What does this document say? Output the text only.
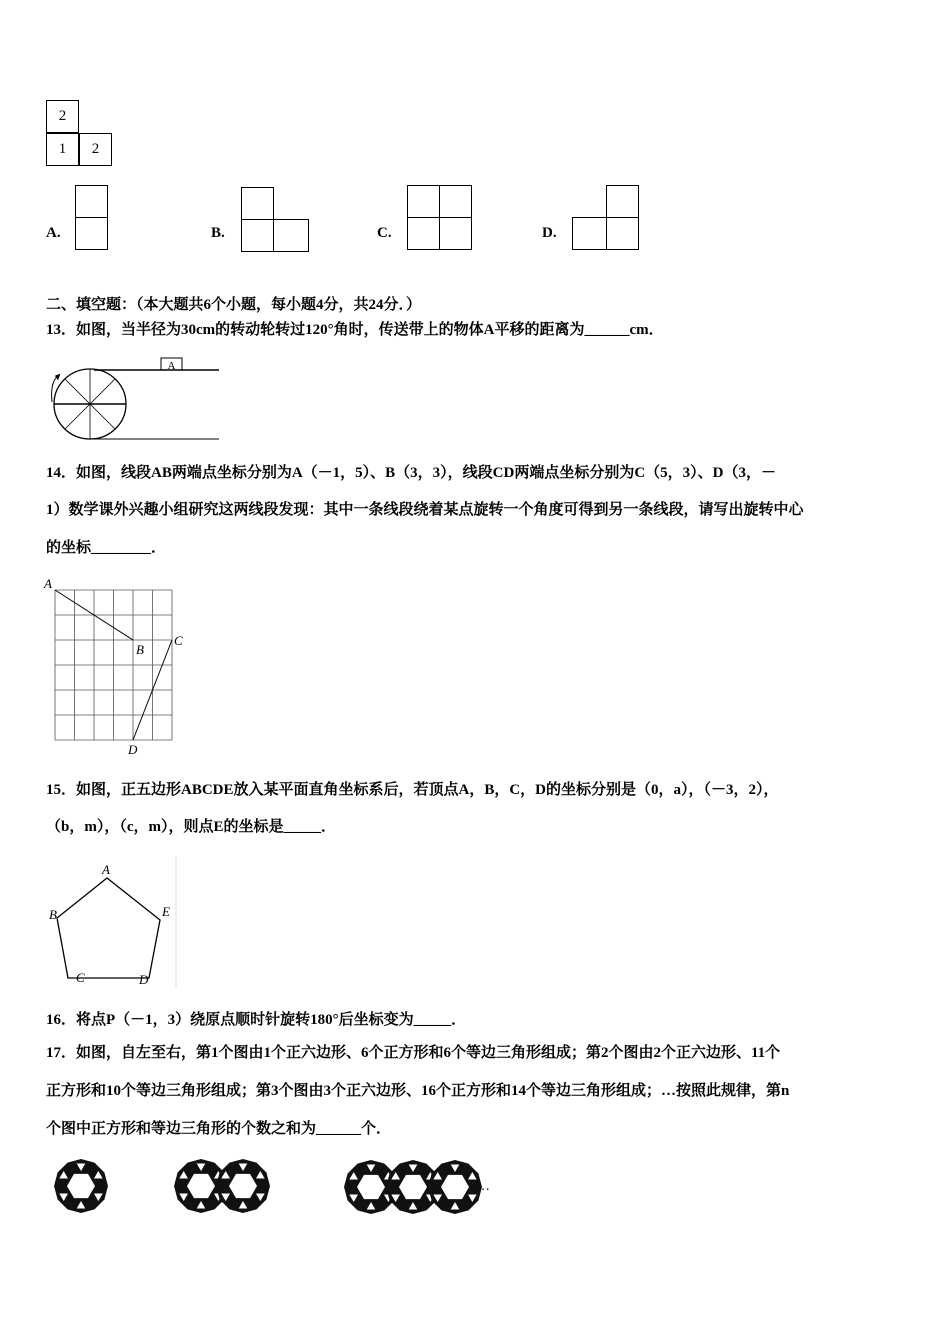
2
1 2
A.	B.	C.	D.
二、填空题：（本大题共6个小题，每小题4分，共24分．）
13．如图，当半径为30cm的转动轮转过120°角时，传送带上的物体A平移的距离为______cm．
A
14．如图，线段AB两端点坐标分别为A（－1，5）、B（3，3），线段CD两端点坐标分别为C（5，3）、D（3，－
1）数学课外兴趣小组研究这两线段发现：其中一条线段绕着某点旋转一个角度可得到另一条线段，请写出旋转中心
的坐标________．
A
B
C
D
15．如图，正五边形ABCDE放入某平面直角坐标系后，若顶点A，B，C，D的坐标分别是（0，a），（－3，2），
（b，m），（c，m），则点E的坐标是_____．
A
B
C	D
E
16．将点P（－1，3）绕原点顺时针旋转180°后坐标变为_____．
17．如图，自左至右，第1个图由1个正六边形、6个正方形和6个等边三角形组成；第2个图由2个正六边形、11个
正方形和10个等边三角形组成；第3个图由3个正六边形、16个正方形和14个等边三角形组成；…按照此规律，第n
个图中正方形和等边三角形的个数之和为______个．
…
